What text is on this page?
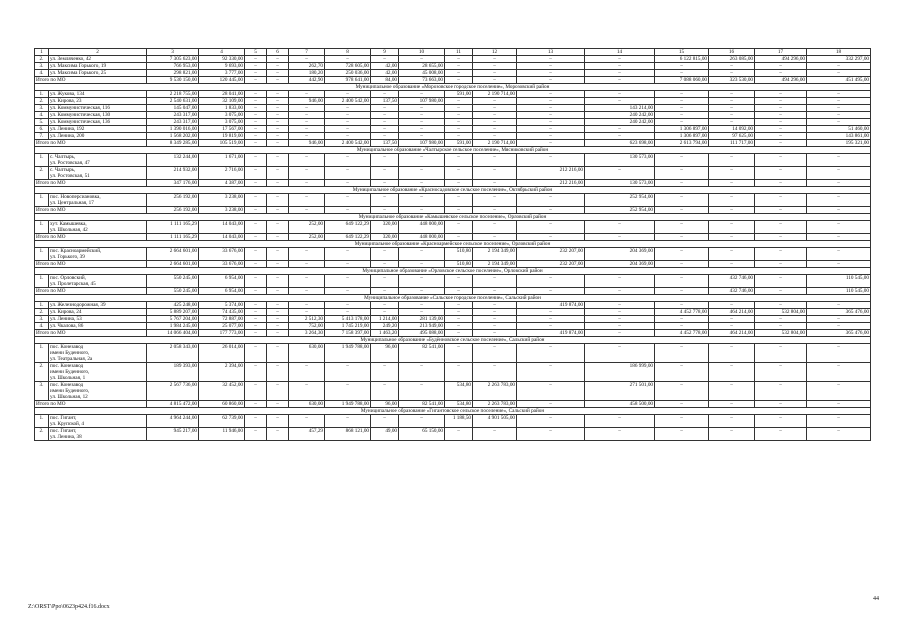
1	2	3	4	5	6	7	8	9	10	11	12	13	14	15	16	17	18
2.	ул. Земляченко, 42	7 305 623,00	92 330,00	–	–	–	–	–	–	–	–	–	–	6 122 815,00	263 085,00	494 296,00	332 297,00
3.	ул. Максима Горького, 19	766 953,00	9 693,00	–	–	262,70	728 605,00	42,00	28 655,00	–	–	–	–	–	–	–	–
4.	ул. Максима Горького, 25	298 821,00	3 777,00	–	–	180,20	250 036,00	42,00	45 008,00	–	–	–	–	–	–	–	–
Итого по МО		9 530 150,00	120 445,00	–	–	442,90	978 641,00	84,00	73 663,00	–	–	–	–	7 088 060,00	323 530,00	494 296,00	451 495,00
Муниципальное образование «Морозовское городское поселение», Морозовский район																	
1.	ул. Жукова, 134	2 218 755,00	28 041,00	–	–	–	–	–	–	591,00	2 190 714,00	–	–	–	–	–	–
2.	ул. Кирова, 23	2 540 631,00	32 109,00	–	–	946,00	2 400 542,00	137,50	107 980,00	–	–	–	–	–	–	–	–
3.	ул. Коммунистическая, 116	145 047,00	1 833,00	–	–	–	–	–	–	–	–	–	143 214,00	–	–	–	–
4.	ул. Коммунистическая, 130	243 317,00	3 075,00	–	–	–	–	–	–	–	–	–	240 242,00	–	–	–	–
5.	ул. Коммунистическая, 136	243 317,00	3 075,00	–	–	–	–	–	–	–	–	–	240 242,00	–	–	–	–
6.	ул. Ленина, 192	1 390 016,00	17 567,00	–	–	–	–	–	–	–	–	–	–	1 306 897,00	14 092,00	–	51 460,00
7.	ул. Ленина, 200	1 568 202,00	19 819,00	–	–	–	–	–	–	–	–	–	–	1 306 897,00	97 625,00	–	143 861,00
Итого по МО		8 349 285,00	105 519,00	–	–	946,00	2 400 542,00	137,50	107 980,00	591,00	2 190 714,00	–	623 698,00	2 613 794,00	111 717,00	–	195 321,00
Муниципальное образование «Чалтырское сельское поселение», Мясниковский район																	
1.	с. Чалтырь,
ул. Ростовская, 47	132 244,00	1 671,00	–	–	–	–	–	–	–	–	–	130 573,00	–	–	–	–
2.	с. Чалтырь,
ул. Ростовская, 51	214 932,00	2 716,00	–	–	–	–	–	–	–	–	212 216,00	–	–	–	–	–
Итого по МО		347 176,00	4 387,00	–	–	–	–	–	–	–	–	212 216,00	130 573,00	–	–	–	–
Муниципальное образование «Красносадовское сельское поселение», Октябрьский район																	
1.	пос. Новоперсиановка,
ул. Центральная, 17	256 192,00	3 238,00	–	–	–	–	–	–	–	–	–	252 954,00	–	–	–	–
Итого по МО		256 192,00	3 238,00	–	–	–	–	–	–	–	–	–	252 954,00	–	–	–	–
Муниципальное образование «Камышевское сельское поселение», Орловский район																	
1.	хут. Камышевка,
ул. Школьная, 42	1 111 165,29	14 043,00	–	–	252,00	649 122,29	320,00	448 000,00	–	–	–	–	–	–	–	–
Итого по МО		1 111 165,29	14 043,00	–	–	252,00	649 122,29	320,00	448 000,00	–	–	–	–	–	–	–	–
Муниципальное образование «Красноармейское сельское поселение», Орловский район																	
1.	пос. Красноармейский,
ул. Горького, 39	2 664 601,00	33 676,00	–	–	–	–	–	–	510,80	2 194 349,00	232 207,00	204 369,00	–	–	–	–
Итого по МО		2 664 601,00	33 676,00	–	–	–	–	–	–	510,80	2 194 349,00	232 207,00	204 369,00	–	–	–	–
Муниципальное образование «Орловское сельское поселение», Орловский район																	
1.	пос. Орловский,
ул. Пролетарская, 45	550 245,00	6 954,00	–	–	–	–	–	–	–	–	–	–	–	432 746,00	–	110 545,00
Итого по МО		550 245,00	6 954,00	–	–	–	–	–	–	–	–	–	–	–	432 746,00	–	110 545,00
Муниципальное образование «Сальское городское поселение», Сальский район																	
1.	ул. Железнодорожная, 39	425 248,00	5 374,00	–	–	–	–	–	–	–	–	419 874,00	–	–	–	–	–
2.	ул. Кирова, 24	5 889 207,00	74 435,00	–	–	–	–	–	–	–	–	–	–	4 452 778,00	464 214,00	532 804,00	365 476,00
3.	ул. Ленина, 53	5 767 204,00	72 887,00	–	–	2 512,30	5 413 178,00	1 214,00	281 139,00	–	–	–	–	–	–	–	–
4.	ул. Чкалова, 86	1 984 245,00	25 077,00	–	–	752,00	1 745 219,00	249,20	213 949,00	–	–	–	–	–	–	–	–
Итого по МО		14 066 404,00	177 773,00	–	–	3 264,30	7 158 397,00	1 463,20	495 088,00	–	–	419 874,00	–	4 452 778,00	464 214,00	532 804,00	365 476,00
Муниципальное образование «Будённовское сельское поселение», Сальский район																	
1.	пос. Конезавод
имени Буденного,
ул. Театральная, 2а	2 058 343,00	26 014,00	–	–	630,00	1 949 788,00	96,00	82 541,00	–	–	–	–	–	–	–	–
2.	пос. Конезавод
имени Буденного,
ул. Школьная, 1	189 393,00	2 394,00	–	–	–	–	–	–	–	–	–	186 999,00	–	–	–	–
3.	пос. Конезавод
имени Буденного,
ул. Школьная, 12	2 567 736,00	32 452,00	–	–	–	–	–	–	534,80	2 263 783,00	–	271 501,00	–	–	–	–
Итого по МО		4 815 472,00	60 860,00	–	–	630,00	1 949 788,00	96,00	82 541,00	534,80	2 263 783,00	–	458 500,00	–	–	–	–
Муниципальное образование «Гигантовское сельское поселение», Сальский район																	
1.	пос. Гигант,
ул. Крупской, 4	4 964 244,00	62 739,00	–	–	–	–	–	–	1 188,50	4 901 505,00	–	–	–	–	–	–
2.	пос. Гигант,
ул. Ленина, 38	945 217,00	11 946,00	–	–	457,29	868 121,00	49,00	65 150,00	–	–	–	–	–	–	–	–
44
Z:\ORST\Ppo\0623p424.f16.docx
